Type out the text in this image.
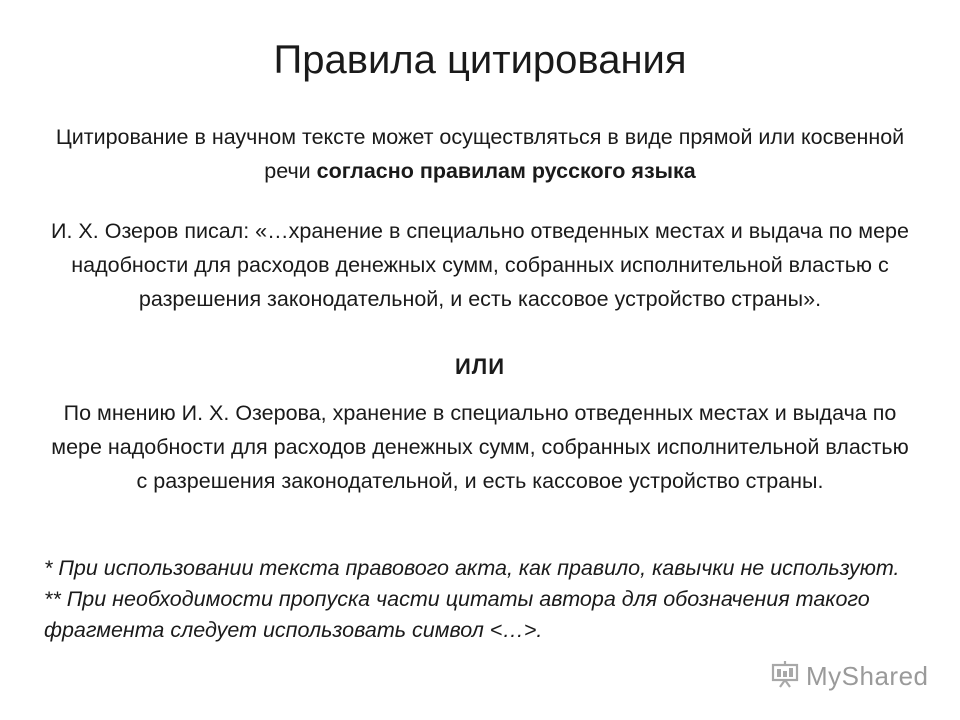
Правила цитирования

Цитирование в научном тексте может осуществляться в виде прямой или косвенной речи согласно правилам русского языка

И. Х. Озеров писал: «…хранение в специально отведенных местах и выдача по мере надобности для расходов денежных сумм, собранных исполнительной властью с разрешения законодательной, и есть кассовое устройство страны».

ИЛИ

По мнению И. Х. Озерова, хранение в специально отведенных местах и выдача по мере надобности для расходов денежных сумм, собранных исполнительной властью с разрешения законодательной, и есть кассовое устройство страны.

* При использовании текста правового акта, как правило, кавычки не используют.

** При необходимости пропуска части цитаты автора для обозначения такого фрагмента следует использовать символ <…>.

MyShared
